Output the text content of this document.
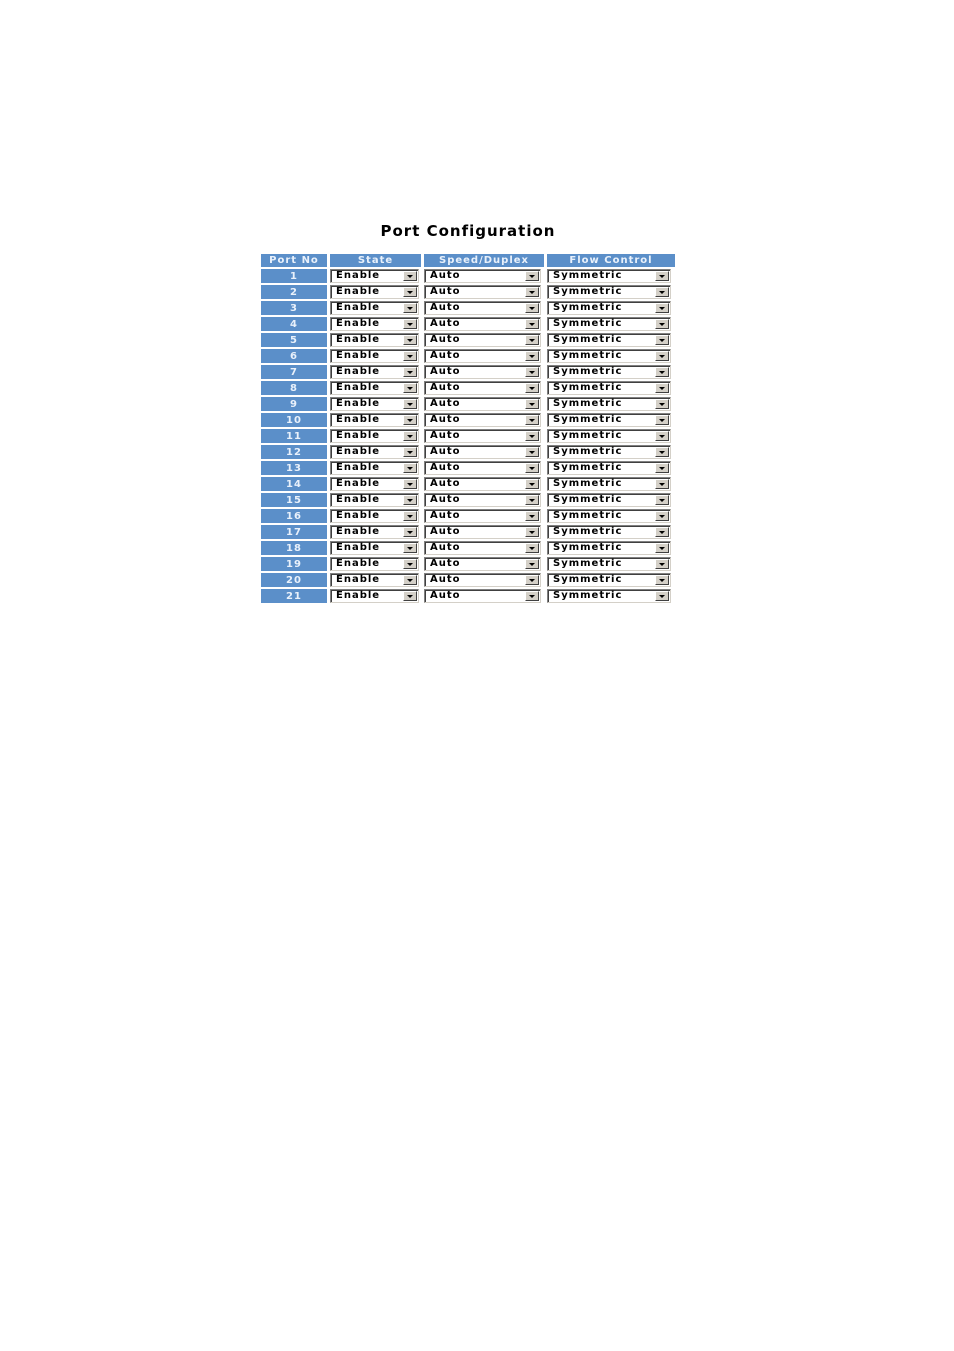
Port Configuration
Port No	State	Speed/Duplex	Flow Control
1	Enable	Auto	Symmetric

2	Enable	Auto	Symmetric

3	Enable	Auto	Symmetric

4	Enable	Auto	Symmetric

5	Enable	Auto	Symmetric

6	Enable	Auto	Symmetric

7	Enable	Auto	Symmetric

8	Enable	Auto	Symmetric

9	Enable	Auto	Symmetric

10	Enable	Auto	Symmetric

11	Enable	Auto	Symmetric

12	Enable	Auto	Symmetric

13	Enable	Auto	Symmetric

14	Enable	Auto	Symmetric

15	Enable	Auto	Symmetric

16	Enable	Auto	Symmetric

17	Enable	Auto	Symmetric

18	Enable	Auto	Symmetric

19	Enable	Auto	Symmetric

20	Enable	Auto	Symmetric

21	Enable	Auto	Symmetric
